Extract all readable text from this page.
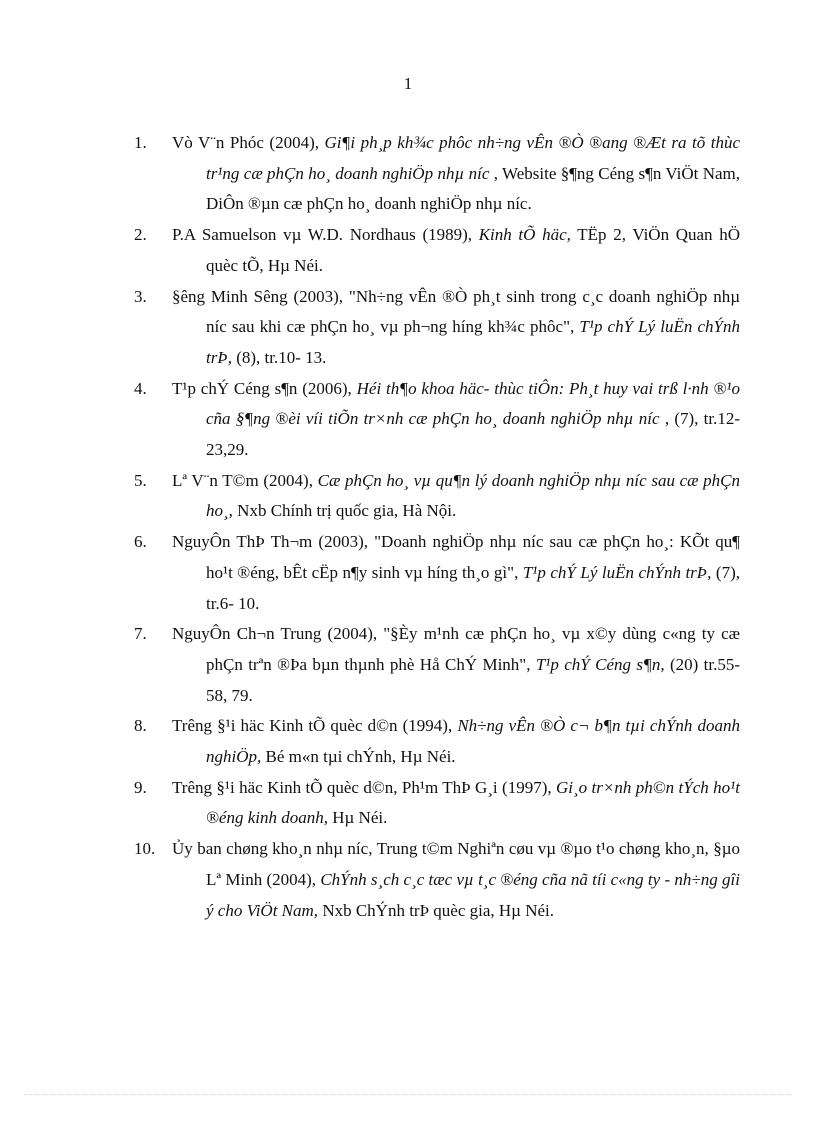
1
1.	Vò V¨n Phóc (2004), Gi¶i ph¸p kh¾c phôc nh÷ng vÊn ®Ò ®ang ®Æt ra tõ thùc tr¹ng cæ phÇn ho¸ doanh nghiÖp nhµ níc , Website §¶ng Céng s¶n ViÖt Nam, DiÔn ®µn cæ phÇn ho¸ doanh nghiÖp nhµ níc.
2.	P.A Samuelson vµ W.D. Nordhaus (1989), Kinh tÕ häc, TËp 2, ViÖn Quan hÖ quèc tÕ, Hµ Néi.
3.	§êng Minh Sêng (2003), "Nh÷ng vÊn ®Ò ph¸t sinh trong c¸c doanh nghiÖp nhµ níc sau khi cæ phÇn ho¸ vµ ph¬ng híng kh¾c phôc", T¹p chÝ Lý luËn chÝnh trÞ, (8), tr.10- 13.
4.	T¹p chÝ Céng s¶n (2006), Héi th¶o khoa häc- thùc tiÔn: Ph¸t huy vai trß l·nh ®¹o cña §¶ng ®èi víi tiÕn tr×nh cæ phÇn ho¸ doanh nghiÖp nhµ níc , (7), tr.12-23,29.
5.	Lª V¨n T©m (2004), Cæ phÇn ho¸ vµ qu¶n lý doanh nghiÖp nhµ níc sau cæ phÇn ho¸, Nxb Chính trị quốc gia, Hà Nội.
6.	NguyÔn ThÞ Th¬m (2003), "Doanh nghiÖp nhµ níc sau cæ phÇn ho¸: KÕt qu¶ ho¹t ®éng, bÊt cËp n¶y sinh vµ híng th¸o gì", T¹p chÝ Lý luËn chÝnh trÞ, (7), tr.6- 10.
7.	NguyÔn Ch¬n Trung (2004), "§Èy m¹nh cæ phÇn ho¸ vµ x©y dùng c«ng ty cæ phÇn trªn ®Þa bµn thµnh phè Hå ChÝ Minh", T¹p chÝ Céng s¶n, (20) tr.55- 58, 79.
8.	Trêng §¹i häc Kinh tÕ quèc d©n (1994), Nh÷ng vÊn ®Ò c¬ b¶n tµi chÝnh doanh nghiÖp, Bé m«n tµi chÝnh, Hµ Néi.
9.	Trêng §¹i häc Kinh tÕ quèc d©n, Ph¹m ThÞ G¸i (1997), Gi¸o tr×nh ph©n tÝch ho¹t ®éng kinh doanh, Hµ Néi.
10. Ủy ban chøng kho¸n nhµ níc, Trung t©m Nghiªn cøu vµ ®µo t¹o chøng kho¸n, §µo Lª Minh (2004), ChÝnh s¸ch c¸c tæc vµ t¸c ®éng cña nã tíi c«ng ty - nh÷ng gîi ý cho ViÖt Nam, Nxb ChÝnh trÞ quèc gia, Hµ Néi.
